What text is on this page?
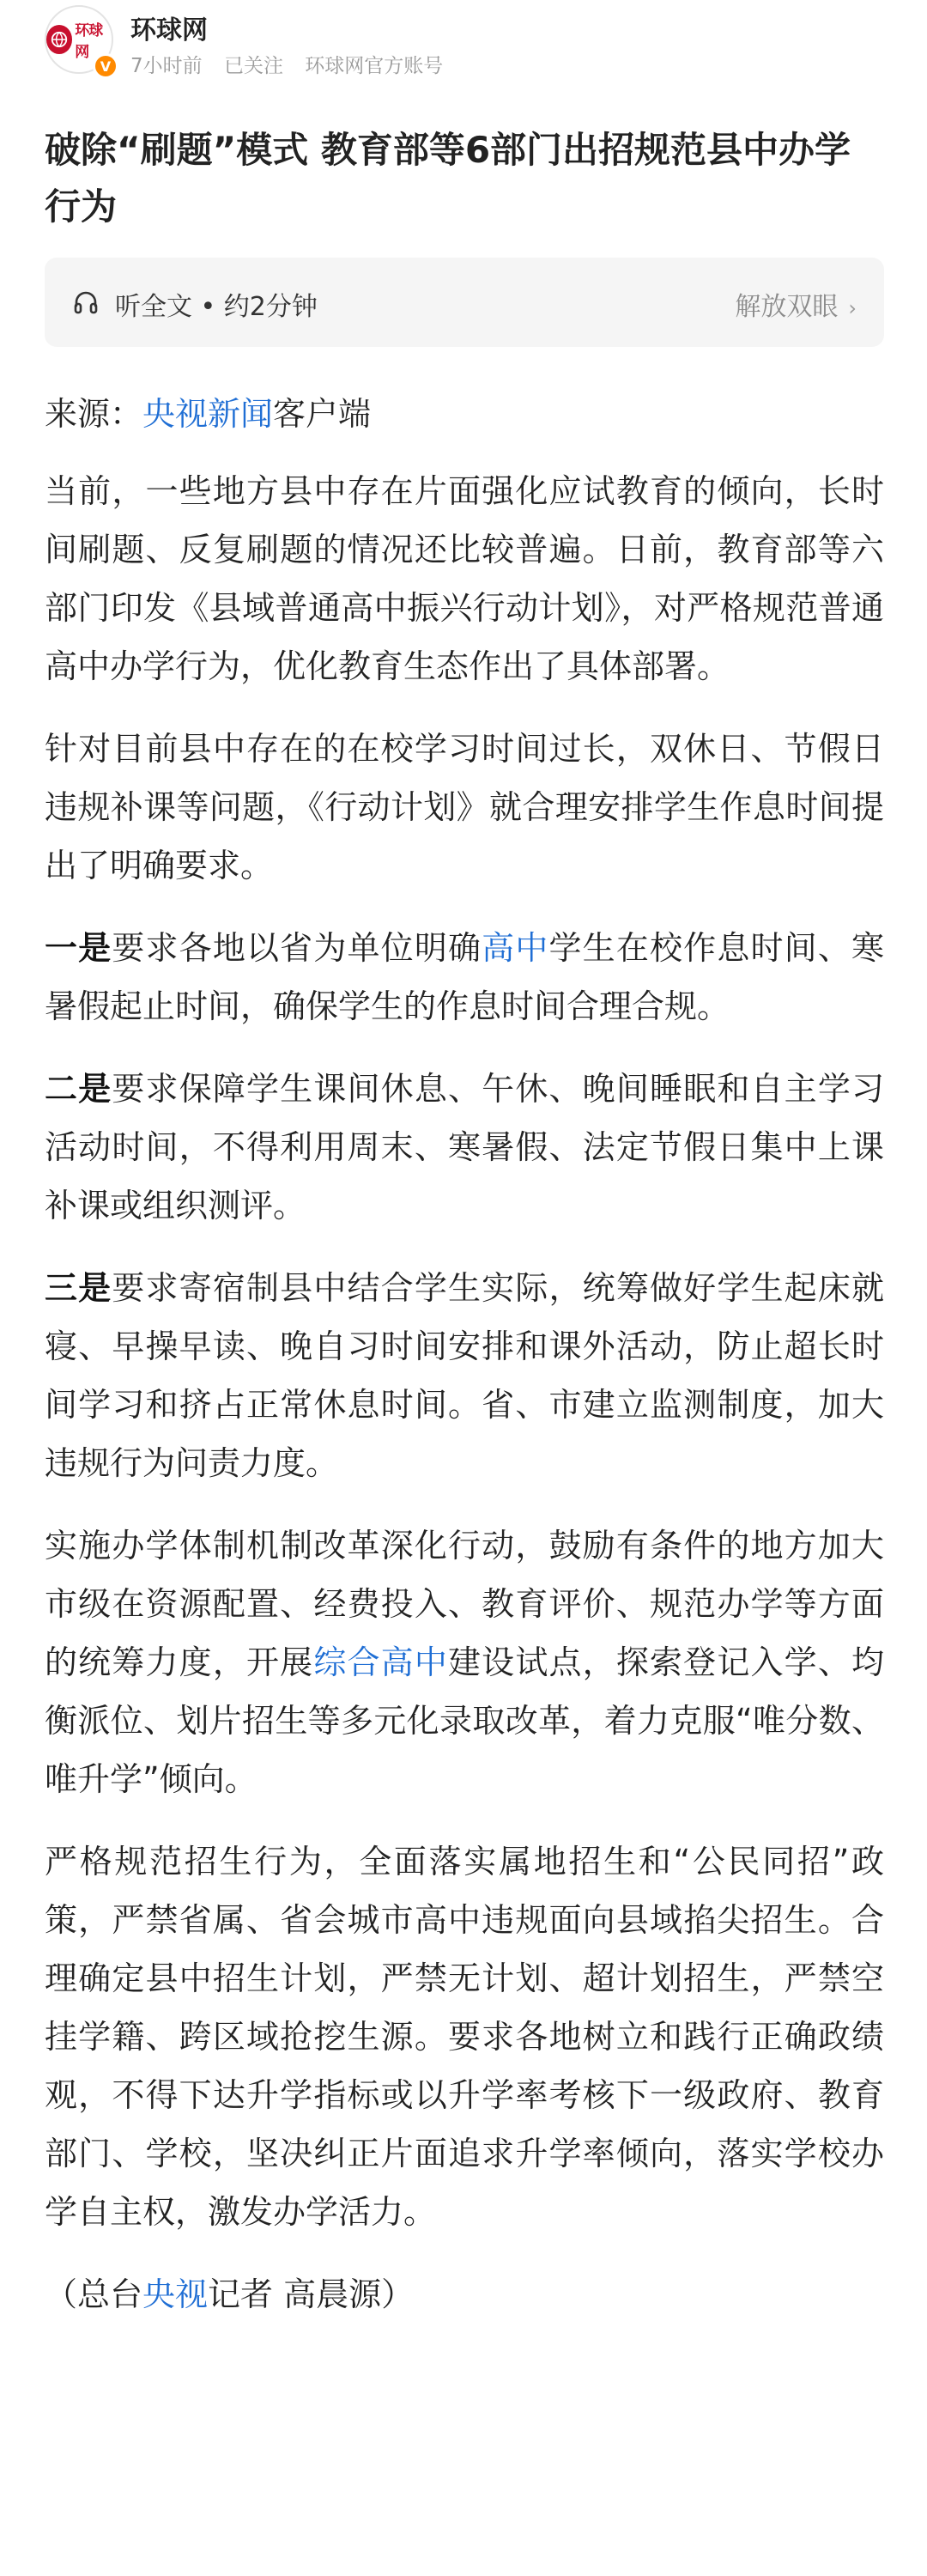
环球网
V
环球网
7小时前 已关注 环球网官方账号
破除“刷题”模式 教育部等6部门出招规范县中办学行为
听全文 • 约2分钟	解放双眼 ›

来源：央视新闻客户端

当前，一些地方县中存在片面强化应试教育的倾向，长时间刷题、反复刷题的情况还比较普遍。日前，教育部等六部门印发《县域普通高中振兴行动计划》，对严格规范普通高中办学行为，优化教育生态作出了具体部署。

针对目前县中存在的在校学习时间过长，双休日、节假日违规补课等问题，《行动计划》就合理安排学生作息时间提出了明确要求。

一是要求各地以省为单位明确高中学生在校作息时间、寒暑假起止时间，确保学生的作息时间合理合规。

二是要求保障学生课间休息、午休、晚间睡眠和自主学习活动时间，不得利用周末、寒暑假、法定节假日集中上课补课或组织测评。

三是要求寄宿制县中结合学生实际，统筹做好学生起床就寝、早操早读、晚自习时间安排和课外活动，防止超长时间学习和挤占正常休息时间。省、市建立监测制度，加大违规行为问责力度。

实施办学体制机制改革深化行动，鼓励有条件的地方加大市级在资源配置、经费投入、教育评价、规范办学等方面的统筹力度，开展综合高中建设试点，探索登记入学、均衡派位、划片招生等多元化录取改革，着力克服“唯分数、唯升学”倾向。

严格规范招生行为，全面落实属地招生和“公民同招”政策，严禁省属、省会城市高中违规面向县域掐尖招生。合理确定县中招生计划，严禁无计划、超计划招生，严禁空挂学籍、跨区域抢挖生源。要求各地树立和践行正确政绩观，不得下达升学指标或以升学率考核下一级政府、教育部门、学校，坚决纠正片面追求升学率倾向，落实学校办学自主权，激发办学活力。

（总台央视记者 高晨源）
